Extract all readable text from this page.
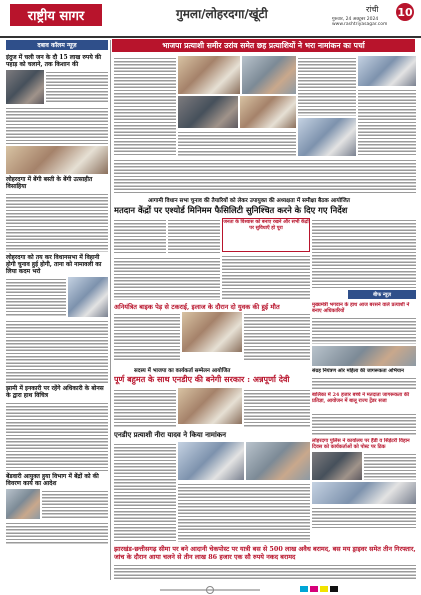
राष्ट्रीय सागर	गुमला/लोहरदगा/खूंटी	रांची
गुरुवार, 24 अक्टूबर 2024
www.rashtriyasagar.com
10
दबाव कॉलम न्यूज़
इंदुज में चली जन के दौ 15 लाख रुपये की पहाड़ को चलाने, तक किशान की
लोहरदगा में बेंगी बस्ती के बेंगी उत्साहीत विसाहिया
लोहरदगा को तय कर विधानसभा में विहानी होगी चुनाव हुई होगी, ताना को नामावली का लिया कदम भरो
झामी में इनकारी पर रहेंगे अधिकारी के बोनस के द्वारा हाथ विचित्र
बेंडवारी आयुक्त हुया विभाग में बेंद्रों को की विवरण कार्य का आदेश
भाजपा प्रत्याशी समीर उरांव समेत छह प्रत्याशियों ने भरा नामांकन का पर्चा
आगामी विधान सभा चुनाव की तैयारियों को लेकर उपायुक्त की अध्यक्षता में समीक्षा बैठक आयोजित
मतदान केंद्रों पर एश्योर्ड मिनिमम फैसिलिटी सुनिश्चित करने के दिए गए निर्देश
जनता के विश्वास को बनाए रखने और सभी केंद्रों पर सुविधाएँ हो पूरा
अनियंत्रित बाइक पेड़ से टकराई, इलाज के दौरान दो युवक की हुई मौत
बीफ न्यूज़
मुख्यमंत्री भगवान के हाथ आज बरसने वाले प्रत्याशी ने बनाए अधिकारियों
संग्रह नियंत्रण ओर महिला की जागरूकता अभियान
बालिका में 24 हजार बच्चे ने मतदाता जागरूकता की प्रतिज्ञा, आयोजन में बालू राज्य ट्रेंडर सजा
लोहरदगा पुलिस ने कार्यालय पर हैंडी व सिड़ेटरी विहान दिवस को कार्यकर्ताओं को पोस्ट पर ठिक
सदस्य में भाजपा का कार्यकर्ता सम्मेलन आयोजित
पूर्ण बहुमत के साथ एनडीए की बनेगी सरकार : अन्नपूर्णा देवी
एनडीए प्रत्याशी नीरा यादव ने किया नामांकन
झारखंड-छत्तीसगढ़ सीमा पर बने आदानी चेकपोस्ट पर यात्री बस से 500 लाख अवैध बरामद, बस मय ड्राइवर समेत तीन गिरफ्तार, जांच के दौरान आया चलने से तीन लाख 86 हजार एक सौ रुपये नकद बरामद
